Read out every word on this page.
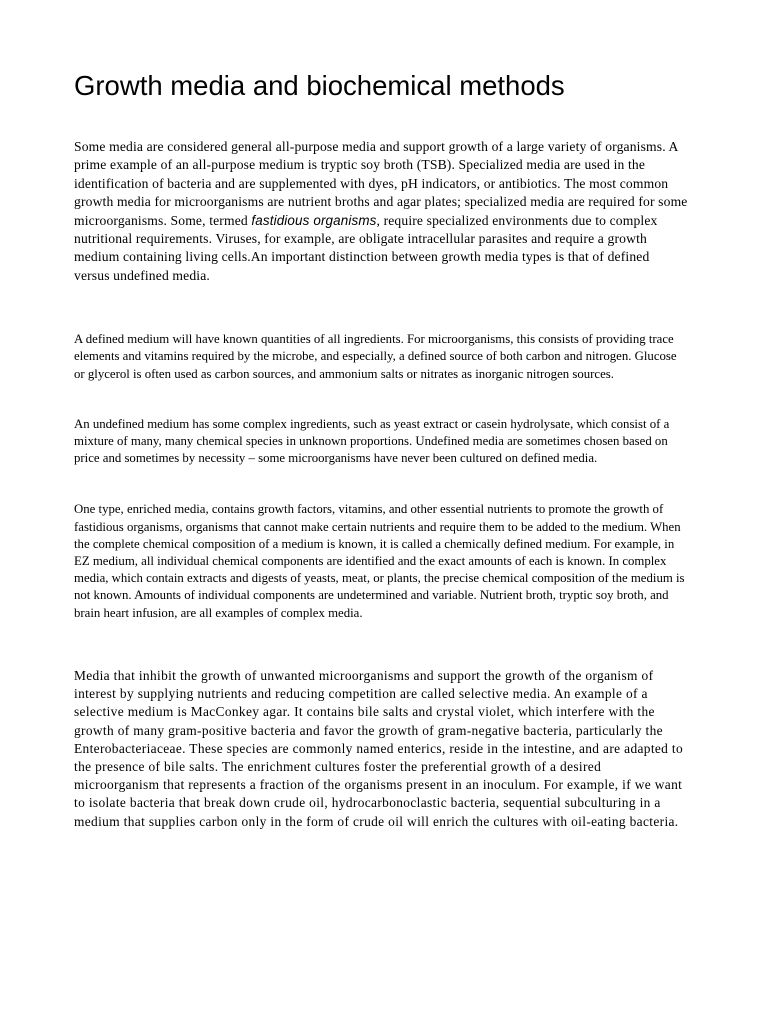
Growth media and biochemical methods

Some media are considered general all-purpose media and support growth of a large variety of organisms. A prime example of an all-purpose medium is tryptic soy broth (TSB). Specialized media are used in the identification of bacteria and are supplemented with dyes, pH indicators, or antibiotics. The most common growth media for microorganisms are nutrient broths and agar plates; specialized media are required for some microorganisms. Some, termed fastidious organisms, require specialized environments due to complex nutritional requirements. Viruses, for example, are obligate intracellular parasites and require a growth medium containing living cells.An important distinction between growth media types is that of defined versus undefined media.

A defined medium will have known quantities of all ingredients. For microorganisms, this consists of providing trace elements and vitamins required by the microbe, and especially, a defined source of both carbon and nitrogen. Glucose or glycerol is often used as carbon sources, and ammonium salts or nitrates as inorganic nitrogen sources.

An undefined medium has some complex ingredients, such as yeast extract or casein hydrolysate, which consist of a mixture of many, many chemical species in unknown proportions. Undefined media are sometimes chosen based on price and sometimes by necessity – some microorganisms have never been cultured on defined media.

One type, enriched media, contains growth factors, vitamins, and other essential nutrients to promote the growth of fastidious organisms, organisms that cannot make certain nutrients and require them to be added to the medium. When the complete chemical composition of a medium is known, it is called a chemically defined medium. For example, in EZ medium, all individual chemical components are identified and the exact amounts of each is known. In complex media, which contain extracts and digests of yeasts, meat, or plants, the precise chemical composition of the medium is not known. Amounts of individual components are undetermined and variable. Nutrient broth, tryptic soy broth, and brain heart infusion, are all examples of complex media.

Media that inhibit the growth of unwanted microorganisms and support the growth of the organism of interest by supplying nutrients and reducing competition are called selective media. An example of a selective medium is MacConkey agar. It contains bile salts and crystal violet, which interfere with the growth of many gram-positive bacteria and favor the growth of gram-negative bacteria, particularly the Enterobacteriaceae. These species are commonly named enterics, reside in the intestine, and are adapted to the presence of bile salts. The enrichment cultures foster the preferential growth of a desired microorganism that represents a fraction of the organisms present in an inoculum. For example, if we want to isolate bacteria that break down crude oil, hydrocarbonoclastic bacteria, sequential subculturing in a medium that supplies carbon only in the form of crude oil will enrich the cultures with oil-eating bacteria.
